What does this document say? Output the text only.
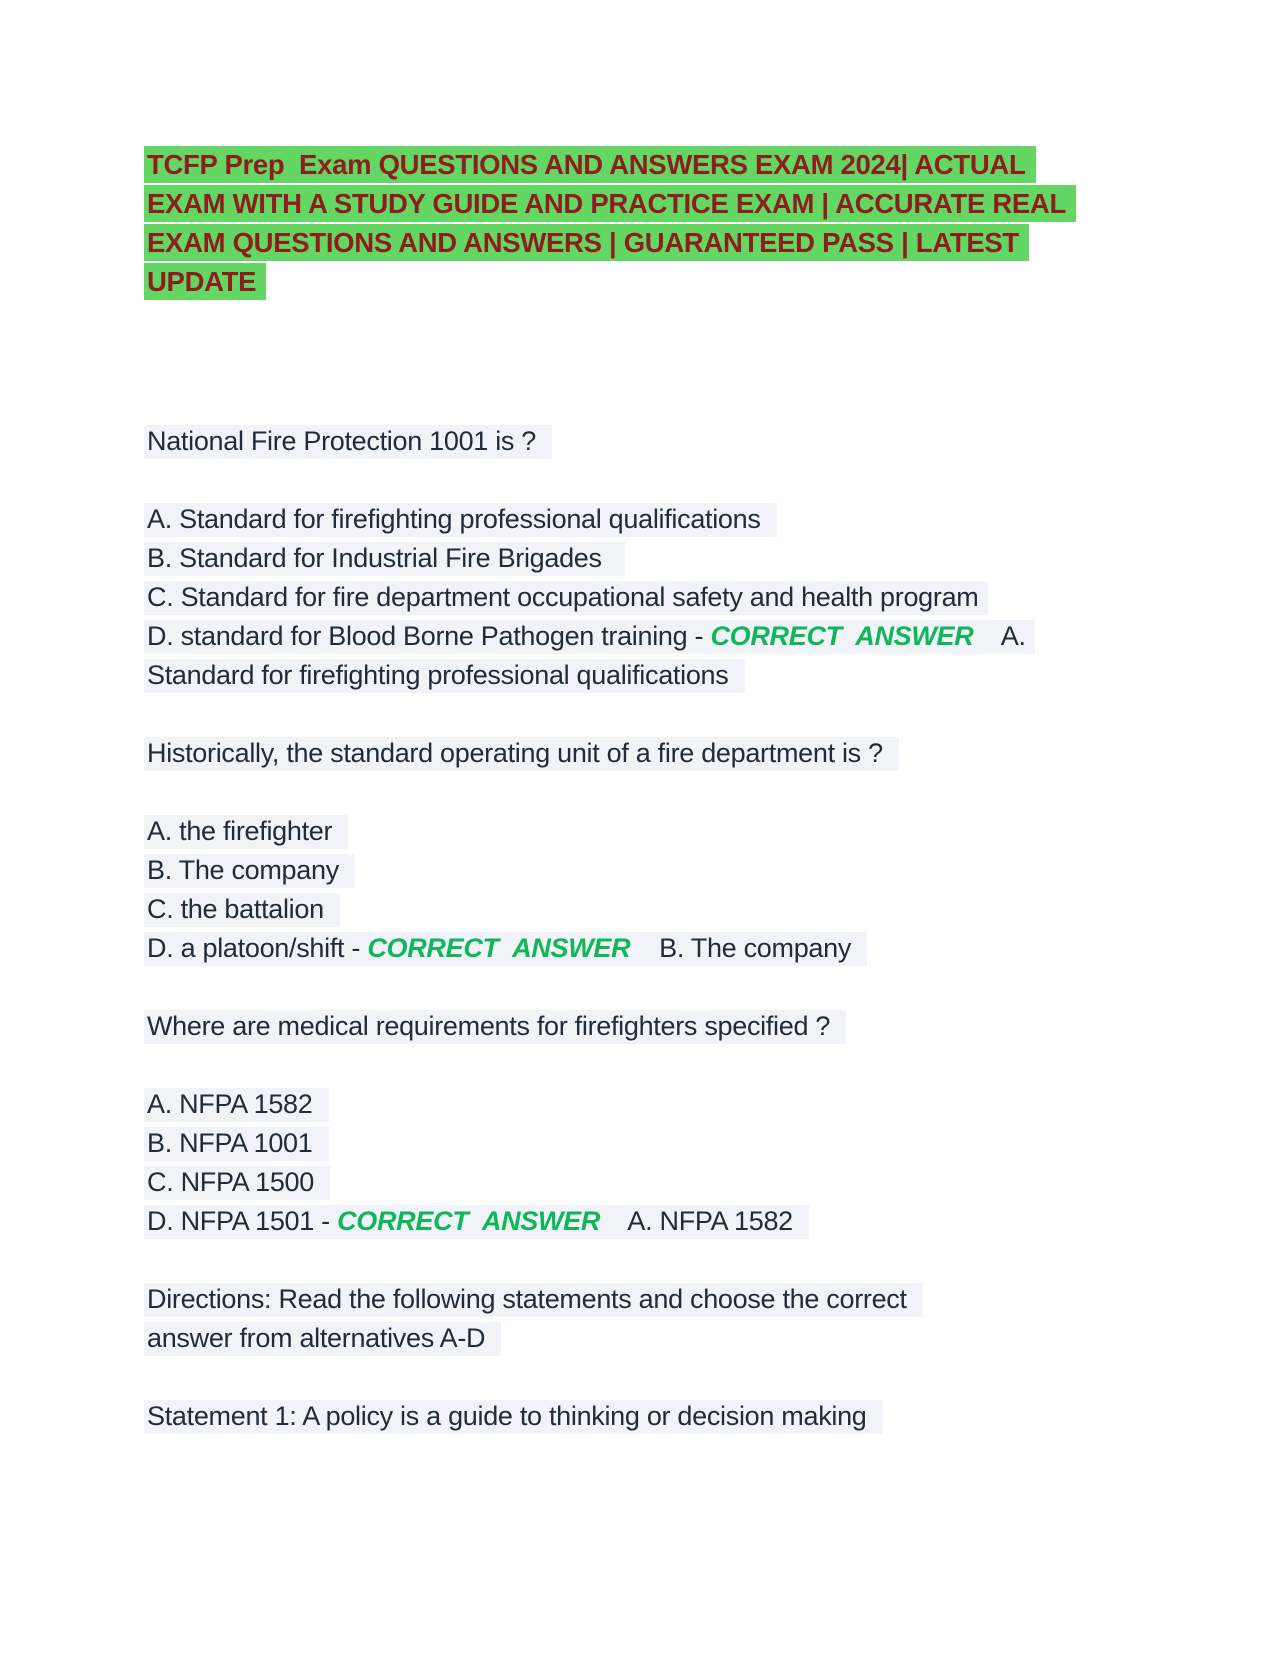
TCFP Prep  Exam QUESTIONS AND ANSWERS EXAM 2024| ACTUAL
EXAM WITH A STUDY GUIDE AND PRACTICE EXAM | ACCURATE REAL
EXAM QUESTIONS AND ANSWERS | GUARANTEED PASS | LATEST
UPDATE
National Fire Protection 1001 is ?
A. Standard for firefighting professional qualifications
B. Standard for Industrial Fire Brigades
C. Standard for fire department occupational safety and health program
D. standard for Blood Borne Pathogen training - CORRECT  ANSWER    A.
Standard for firefighting professional qualifications
Historically, the standard operating unit of a fire department is ?
A. the firefighter
B. The company
C. the battalion
D. a platoon/shift - CORRECT  ANSWER    B. The company
Where are medical requirements for firefighters specified ?
A. NFPA 1582
B. NFPA 1001
C. NFPA 1500
D. NFPA 1501 - CORRECT  ANSWER    A. NFPA 1582
Directions: Read the following statements and choose the correct
answer from alternatives A-D
Statement 1: A policy is a guide to thinking or decision making
